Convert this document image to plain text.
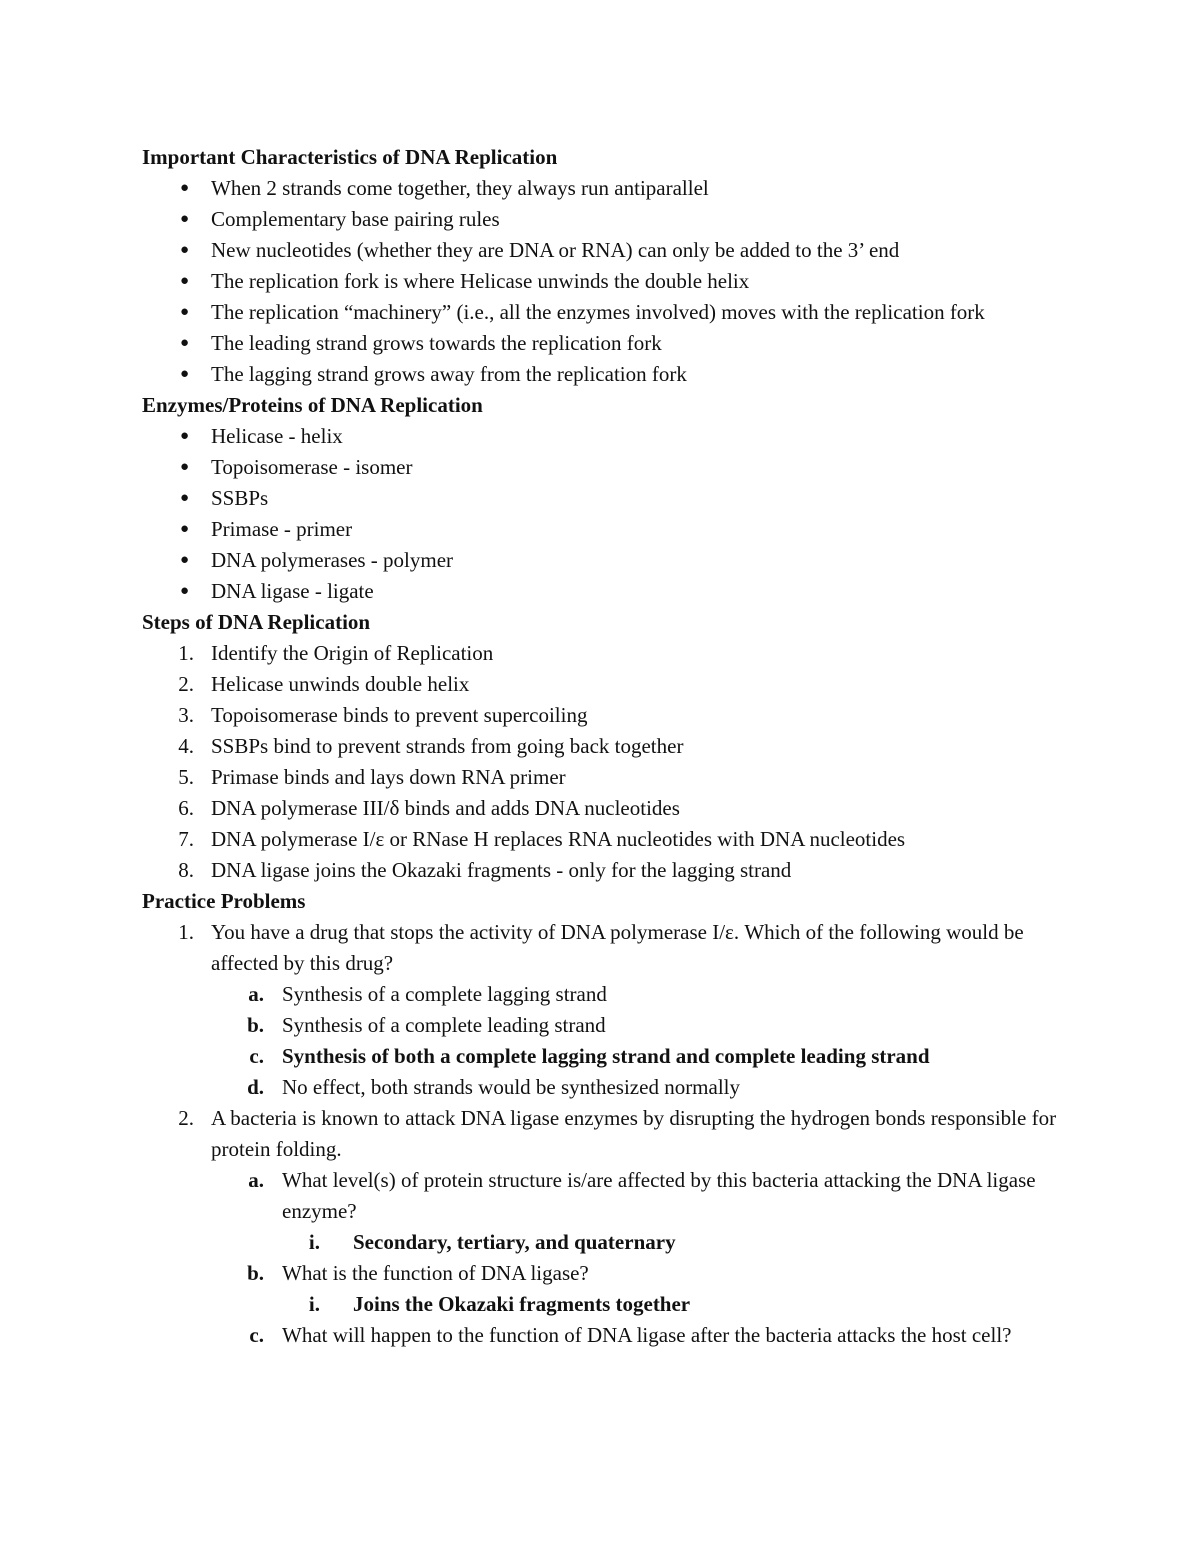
Important Characteristics of DNA Replication

● When 2 strands come together, they always run antiparallel
● Complementary base pairing rules
● New nucleotides (whether they are DNA or RNA) can only be added to the 3’ end
● The replication fork is where Helicase unwinds the double helix
● The replication “machinery” (i.e., all the enzymes involved) moves with the replication fork
● The leading strand grows towards the replication fork
● The lagging strand grows away from the replication fork

Enzymes/Proteins of DNA Replication

● Helicase - helix
● Topoisomerase - isomer
● SSBPs
● Primase - primer
● DNA polymerases - polymer
● DNA ligase - ligate

Steps of DNA Replication

1. Identify the Origin of Replication
2. Helicase unwinds double helix
3. Topoisomerase binds to prevent supercoiling
4. SSBPs bind to prevent strands from going back together
5. Primase binds and lays down RNA primer
6. DNA polymerase III/δ binds and adds DNA nucleotides
7. DNA polymerase I/ε or RNase H replaces RNA nucleotides with DNA nucleotides
8. DNA ligase joins the Okazaki fragments - only for the lagging strand

Practice Problems

1. You have a drug that stops the activity of DNA polymerase I/ε. Which of the following would be affected by this drug?
a. Synthesis of a complete lagging strand
b. Synthesis of a complete leading strand
c. Synthesis of both a complete lagging strand and complete leading strand
d. No effect, both strands would be synthesized normally
2. A bacteria is known to attack DNA ligase enzymes by disrupting the hydrogen bonds responsible for protein folding.
a. What level(s) of protein structure is/are affected by this bacteria attacking the DNA ligase enzyme?
i. Secondary, tertiary, and quaternary
b. What is the function of DNA ligase?
i. Joins the Okazaki fragments together
c. What will happen to the function of DNA ligase after the bacteria attacks the host cell?
